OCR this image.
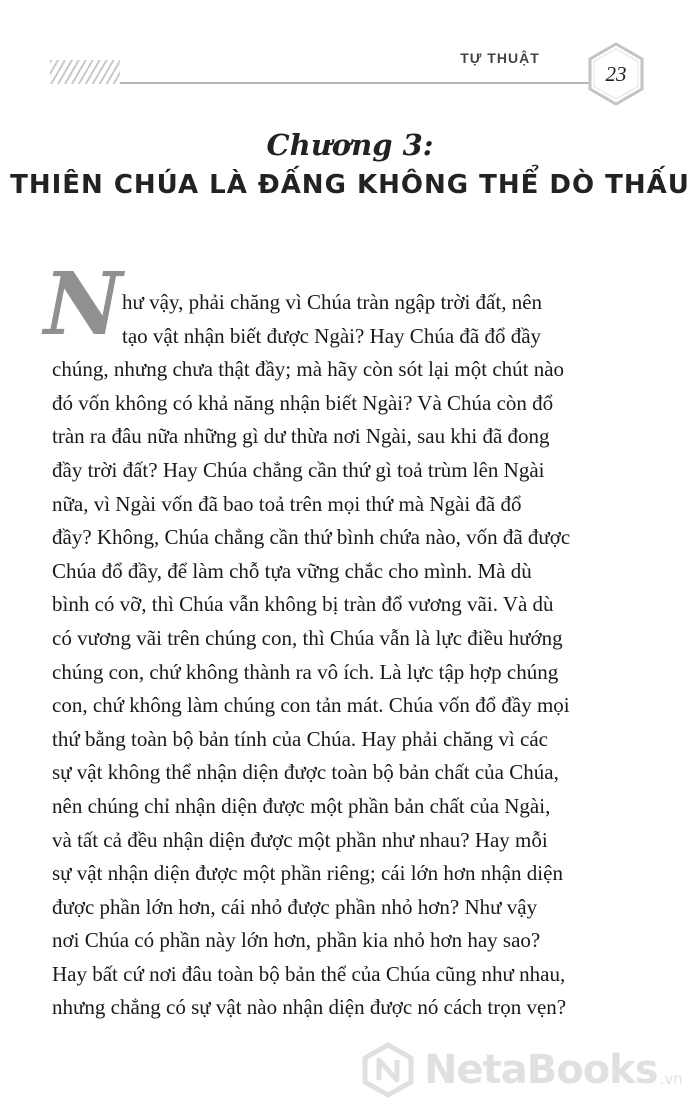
TỰ THUẬT
23
Chương 3:
THIÊN CHÚA LÀ ĐẤNG KHÔNG THỂ DÒ THẤU
N hư vậy, phải chăng vì Chúa tràn ngập trời đất, nên
tạo vật nhận biết được Ngài? Hay Chúa đã đổ đầy
chúng, nhưng chưa thật đầy; mà hãy còn sót lại một chút nào
đó vốn không có khả năng nhận biết Ngài? Và Chúa còn đổ
tràn ra đâu nữa những gì dư thừa nơi Ngài, sau khi đã đong
đầy trời đất? Hay Chúa chẳng cần thứ gì toả trùm lên Ngài
nữa, vì Ngài vốn đã bao toả trên mọi thứ mà Ngài đã đổ
đầy? Không, Chúa chẳng cần thứ bình chứa nào, vốn đã được
Chúa đổ đầy, để làm chỗ tựa vững chắc cho mình. Mà dù
bình có vỡ, thì Chúa vẫn không bị tràn đổ vương vãi. Và dù
có vương vãi trên chúng con, thì Chúa vẫn là lực điều hướng
chúng con, chứ không thành ra vô ích. Là lực tập hợp chúng
con, chứ không làm chúng con tản mát. Chúa vốn đổ đầy mọi
thứ bằng toàn bộ bản tính của Chúa. Hay phải chăng vì các
sự vật không thể nhận diện được toàn bộ bản chất của Chúa,
nên chúng chỉ nhận diện được một phần bản chất của Ngài,
và tất cả đều nhận diện được một phần như nhau? Hay mỗi
sự vật nhận diện được một phần riêng; cái lớn hơn nhận diện
được phần lớn hơn, cái nhỏ được phần nhỏ hơn? Như vậy
nơi Chúa có phần này lớn hơn, phần kia nhỏ hơn hay sao?
Hay bất cứ nơi đâu toàn bộ bản thể của Chúa cũng như nhau,
nhưng chẳng có sự vật nào nhận diện được nó cách trọn vẹn?
NetaBooks .vn
